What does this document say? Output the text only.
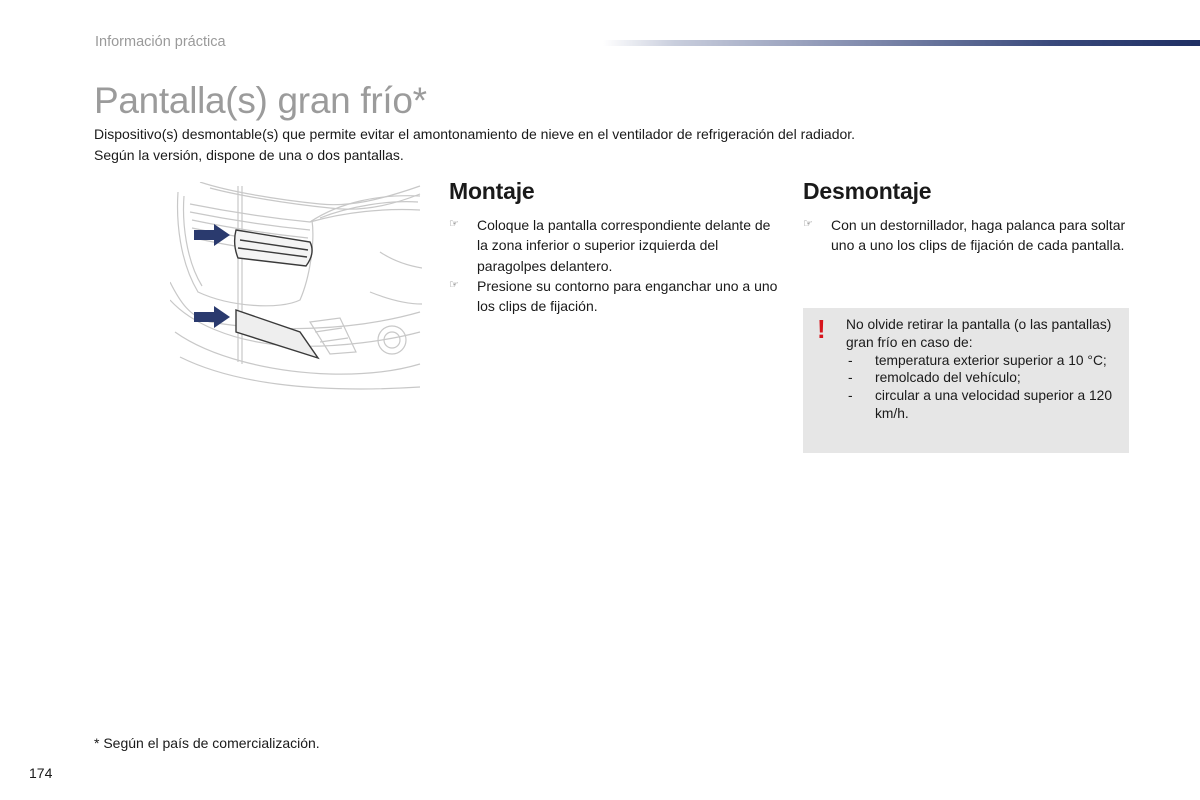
Información práctica
Pantalla(s) gran frío*
Dispositivo(s) desmontable(s) que permite evitar el amontonamiento de nieve en el ventilador de refrigeración del radiador.
Según la versión, dispone de una o dos pantallas.
Montaje
☞	Coloque la pantalla correspondiente delante de la zona inferior o superior izquierda del paragolpes delantero.
☞	Presione su contorno para enganchar uno a uno los clips de fijación.
Desmontaje
☞	Con un destornillador, haga palanca para soltar uno a uno los clips de fijación de cada pantalla.
! No olvide retirar la pantalla (o las pantallas) gran frío en caso de:
- temperatura exterior superior a 10 °C;
- remolcado del vehículo;
- circular a una velocidad superior a 120 km/h.
* Según el país de comercialización.
174
